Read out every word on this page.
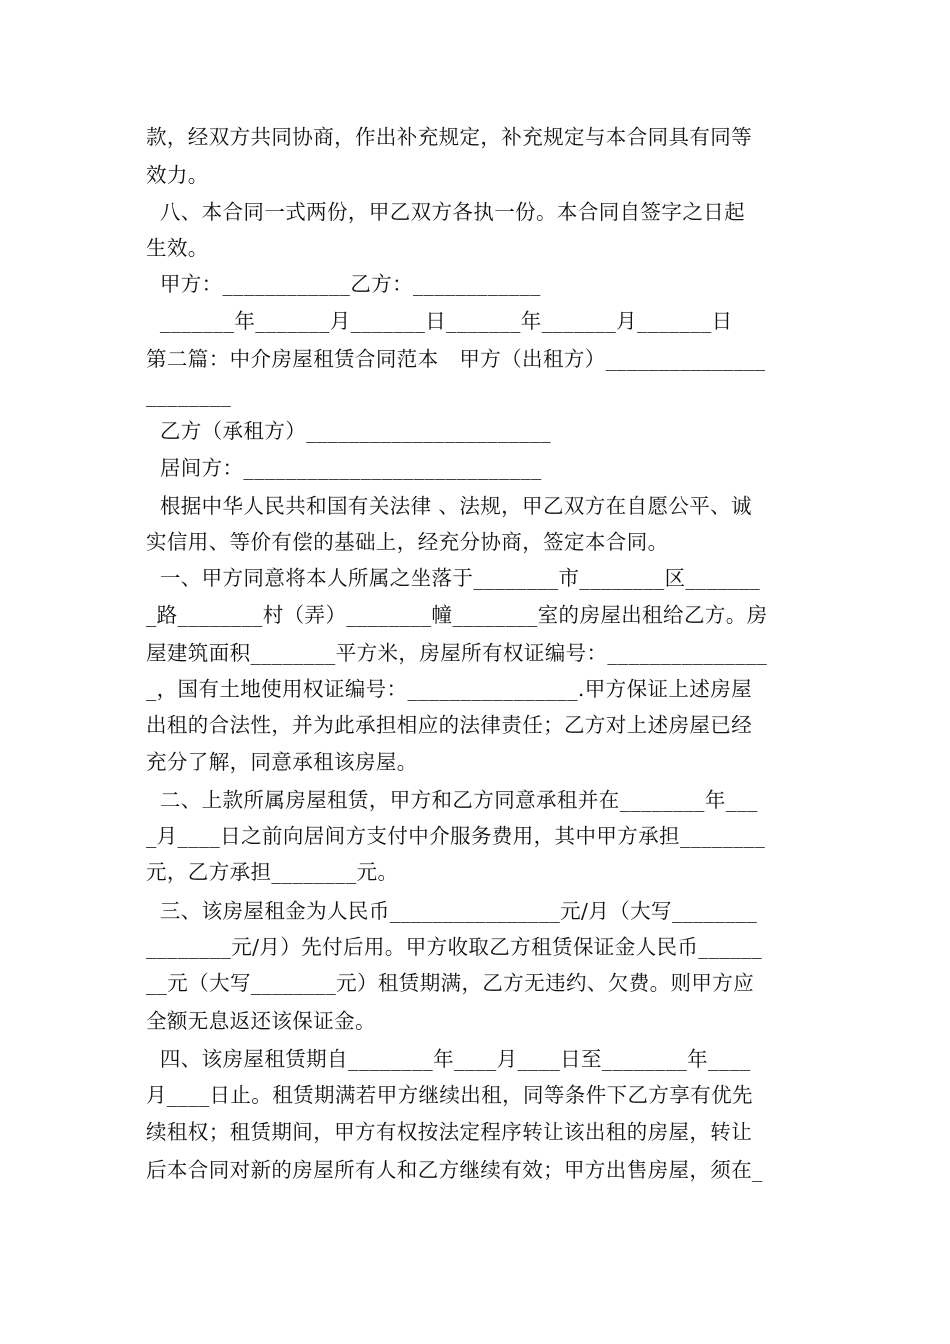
款，经双方共同协商，作出补充规定，补充规定与本合同具有同等
效力。
八、本合同一式两份，甲乙双方各执一份。本合同自签字之日起
生效。
甲方：____________乙方：____________
_______年_______月_______日_______年_______月_______日
第二篇：中介房屋租赁合同范本   甲方（出租方）_______________
________
乙方（承租方）_______________________
居间方：____________________________
根据中华人民共和国有关法律 、法规，甲乙双方在自愿公平、诚
实信用、等价有偿的基础上，经充分协商，签定本合同。
一、甲方同意将本人所属之坐落于________市________区_______
_路________村（弄）________幢________室的房屋出租给乙方。房
屋建筑面积________平方米，房屋所有权证编号：_______________
_，国有土地使用权证编号：________________.甲方保证上述房屋
出租的合法性，并为此承担相应的法律责任；乙方对上述房屋已经
充分了解，同意承租该房屋。
二、上款所属房屋租赁，甲方和乙方同意承租并在________年___
_月____日之前向居间方支付中介服务费用，其中甲方承担________
元，乙方承担________元。
三、该房屋租金为人民币________________元/月（大写________
________元/月）先付后用。甲方收取乙方租赁保证金人民币______
__元（大写________元）租赁期满，乙方无违约、欠费。则甲方应
全额无息返还该保证金。
四、该房屋租赁期自________年____月____日至________年____
月____日止。租赁期满若甲方继续出租，同等条件下乙方享有优先
续租权；租赁期间，甲方有权按法定程序转让该出租的房屋，转让
后本合同对新的房屋所有人和乙方继续有效；甲方出售房屋，须在_
